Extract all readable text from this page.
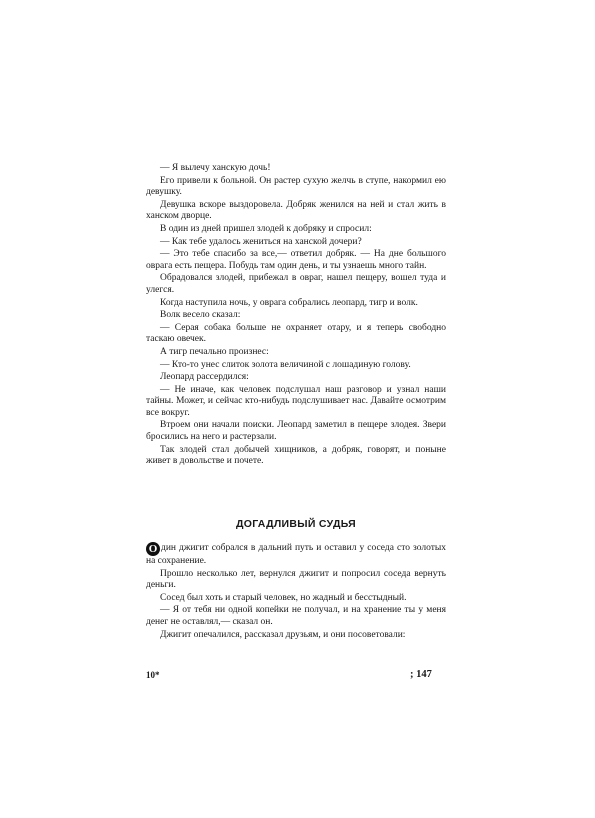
— Я вылечу ханскую дочь!

Его привели к больной. Он растер сухую желчь в ступе, накормил ею девушку.

Девушка вскоре выздоровела. Добряк женился на ней и стал жить в ханском дворце.

В один из дней пришел злодей к добряку и спросил:

— Как тебе удалось жениться на ханской дочери?

— Это тебе спасибо за все,— ответил добряк. — На дне большого оврага есть пещера. Побудь там один день, и ты узнаешь много тайн.

Обрадовался злодей, прибежал в овраг, нашел пещеру, вошел туда и улегся.

Когда наступила ночь, у оврага собрались леопард, тигр и волк.

Волк весело сказал:

— Серая собака больше не охраняет отару, и я теперь свободно таскаю овечек.

А тигр печально произнес:

— Кто-то унес слиток золота величиной с лошадиную голову.

Леопард рассердился:

— Не иначе, как человек подслушал наш разговор и узнал наши тайны. Может, и сейчас кто-нибудь подслушивает нас. Давайте осмотрим все вокруг.

Втроем они начали поиски. Леопард заметил в пещере злодея. Звери бросились на него и растерзали.

Так злодей стал добычей хищников, а добряк, говорят, и поныне живет в довольстве и почете.

ДОГАДЛИВЫЙ СУДЬЯ

О дин джигит собрался в дальний путь и оставил у соседа сто золотых на сохранение.

Прошло несколько лет, вернулся джигит и попросил соседа вернуть деньги.

Сосед был хоть и старый человек, но жадный и бесстыдный.

— Я от тебя ни одной копейки не получал, и на хранение ты у меня денег не оставлял,— сказал он.

Джигит опечалился, рассказал друзьям, и они посоветовали:

10*	; 147
